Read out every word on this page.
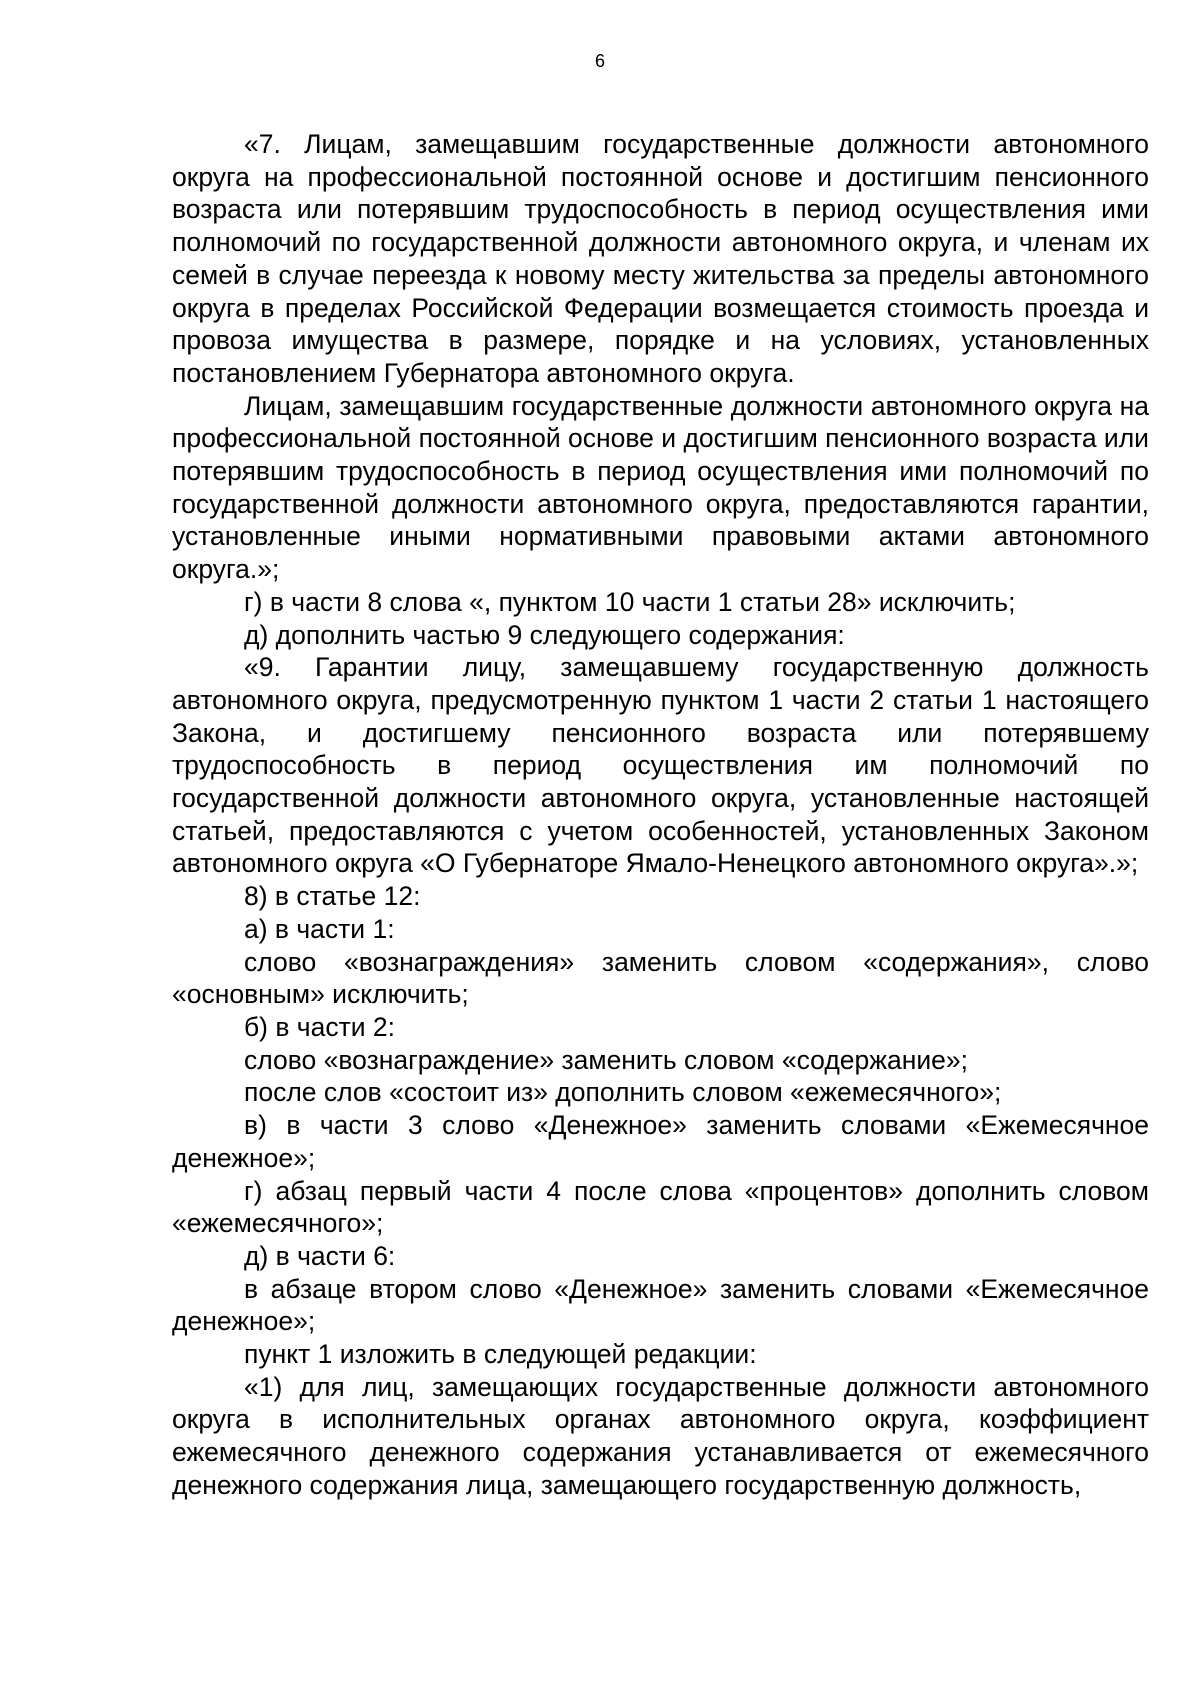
6

«7. Лицам, замещавшим государственные должности автономного округа на профессиональной постоянной основе и достигшим пенсионного возраста или потерявшим трудоспособность в период осуществления ими полномочий по государственной должности автономного округа, и членам их семей в случае переезда к новому месту жительства за пределы автономного округа в пределах Российской Федерации возмещается стоимость проезда и провоза имущества в размере, порядке и на условиях, установленных постановлением Губернатора автономного округа.

Лицам, замещавшим государственные должности автономного округа на профессиональной постоянной основе и достигшим пенсионного возраста или потерявшим трудоспособность в период осуществления ими полномочий по государственной должности автономного округа, предоставляются гарантии, установленные иными нормативными правовыми актами автономного округа.»;

г) в части 8 слова «, пунктом 10 части 1 статьи 28» исключить;

д) дополнить частью 9 следующего содержания:

«9. Гарантии лицу, замещавшему государственную должность автономного округа, предусмотренную пунктом 1 части 2 статьи 1 настоящего Закона, и достигшему пенсионного возраста или потерявшему трудоспособность в период осуществления им полномочий по государственной должности автономного округа, установленные настоящей статьей, предоставляются с учетом особенностей, установленных Законом автономного округа «О Губернаторе Ямало-Ненецкого автономного округа».»;

8) в статье 12:

а) в части 1:

слово «вознаграждения» заменить словом «содержания», слово «основным» исключить;

б) в части 2:

слово «вознаграждение» заменить словом «содержание»;

после слов «состоит из» дополнить словом «ежемесячного»;

в) в части 3 слово «Денежное» заменить словами «Ежемесячное денежное»;

г) абзац первый части 4 после слова «процентов» дополнить словом «ежемесячного»;

д) в части 6:

в абзаце втором слово «Денежное» заменить словами «Ежемесячное денежное»;

пункт 1 изложить в следующей редакции:

«1) для лиц, замещающих государственные должности автономного округа в исполнительных органах автономного округа, коэффициент ежемесячного денежного содержания устанавливается от ежемесячного денежного содержания лица, замещающего государственную должность,
